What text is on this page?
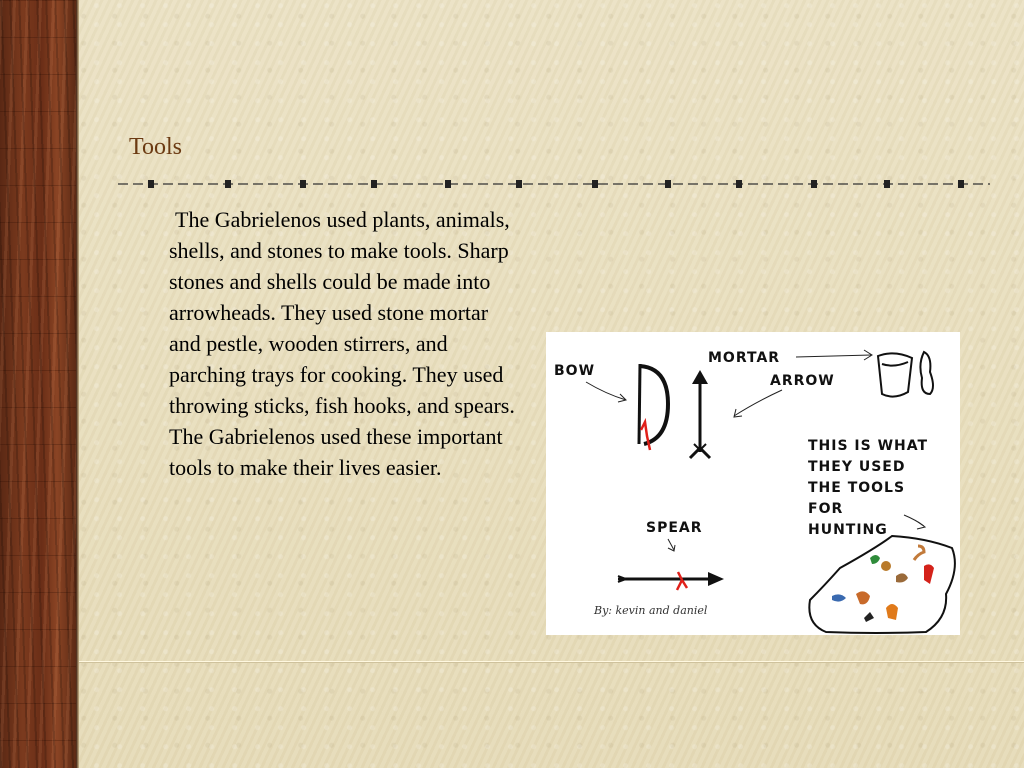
Tools

The Gabrielenos used plants, animals, shells, and stones to make tools. Sharp stones and shells could be made into arrowheads. They used stone mortar and pestle, wooden stirrers, and parching trays for cooking. They used throwing sticks, fish hooks, and spears. The Gabrielenos used these important tools to make their lives easier.

BOW
MORTAR
ARROW
SPEAR
THIS IS WHAT
THEY USED
THE TOOLS
FOR
HUNTING
By: kevin and daniel
